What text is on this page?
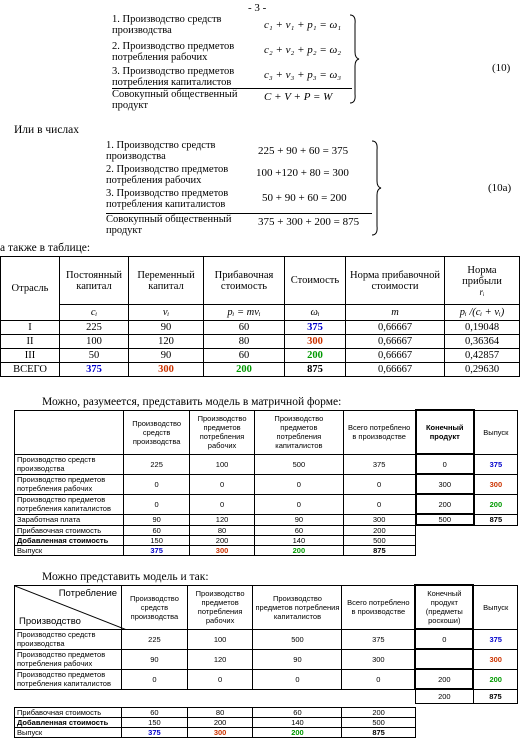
- 3 -
1. Производство средств
производства	c₁ + v₁ + p₁ = ω₁
2. Производство предметов
потребления рабочих
c₂ + v₂ + p₂ = ω₂
3. Производство предметов
потребления капиталистов
c₃ + v₃ + p₃ = ω₃
Совокупный общественный
продукт
C + V + P = W
(10)
Или в числах
1. Производство средств
производства	225 + 90 + 60 = 375
2. Производство предметов
потребления рабочих
100 +120 + 80 = 300
3. Производство предметов
потребления капиталистов
50 + 90 + 60 = 200
Совокупный общественный
продукт
375 + 300 + 200 = 875
(10а)
а также в таблице:
Отрасль	Постоянный капитал	Переменный капитал	Прибавочная стоимость	Стоимость	Норма прибавочной стоимости	Норма прибыли
rᵢ

	cᵢ	vᵢ	pᵢ = mvᵢ	ωᵢ	m	pᵢ /(cᵢ + vᵢ)
I	225	90	60	375	0,66667	0,19048
II	100	120	80	300	0,66667	0,36364
III	50	90	60	200	0,66667	0,42857
ВСЕГО	375	300	200	875	0,66667	0,29630
Можно, разумеется, представить модель в матричной форме:
	Производство средств производства	Производство предметов потребления рабочих	Производство предметов потребления капиталистов	Всего потреблено в производстве	Конечный продукт	Выпуск
Производство средств производства	225	100	500	375	0	375
Производство предметов потребления рабочих	0	0	0	0	300	300
Производство предметов потребления капиталистов	0	0	0	0	200	200
Заработная плата	90	120	90	300	500	875
Прибавочная стоимость	60	80	60	200		
Добавленная стоимость	150	200	140	500		
Выпуск	375	300	200	875		
Можно представить модель и так:
Потребление
Производство	Производство средств производства	Производство предметов потребления рабочих	Производство предметов потребления капиталистов	Всего потреблено в производстве	Конечный продукт (предметы роскоши)	Выпуск
Производство средств производства	225	100	500	375	0	375
Производство предметов потребления рабочих	90	120	90	300		300
Производство предметов потребления капиталистов	0	0	0	0	200	200
					200	875

Прибавочная стоимость	60	80	60	200		
Добавленная стоимость	150	200	140	500		
Выпуск	375	300	200	875		
